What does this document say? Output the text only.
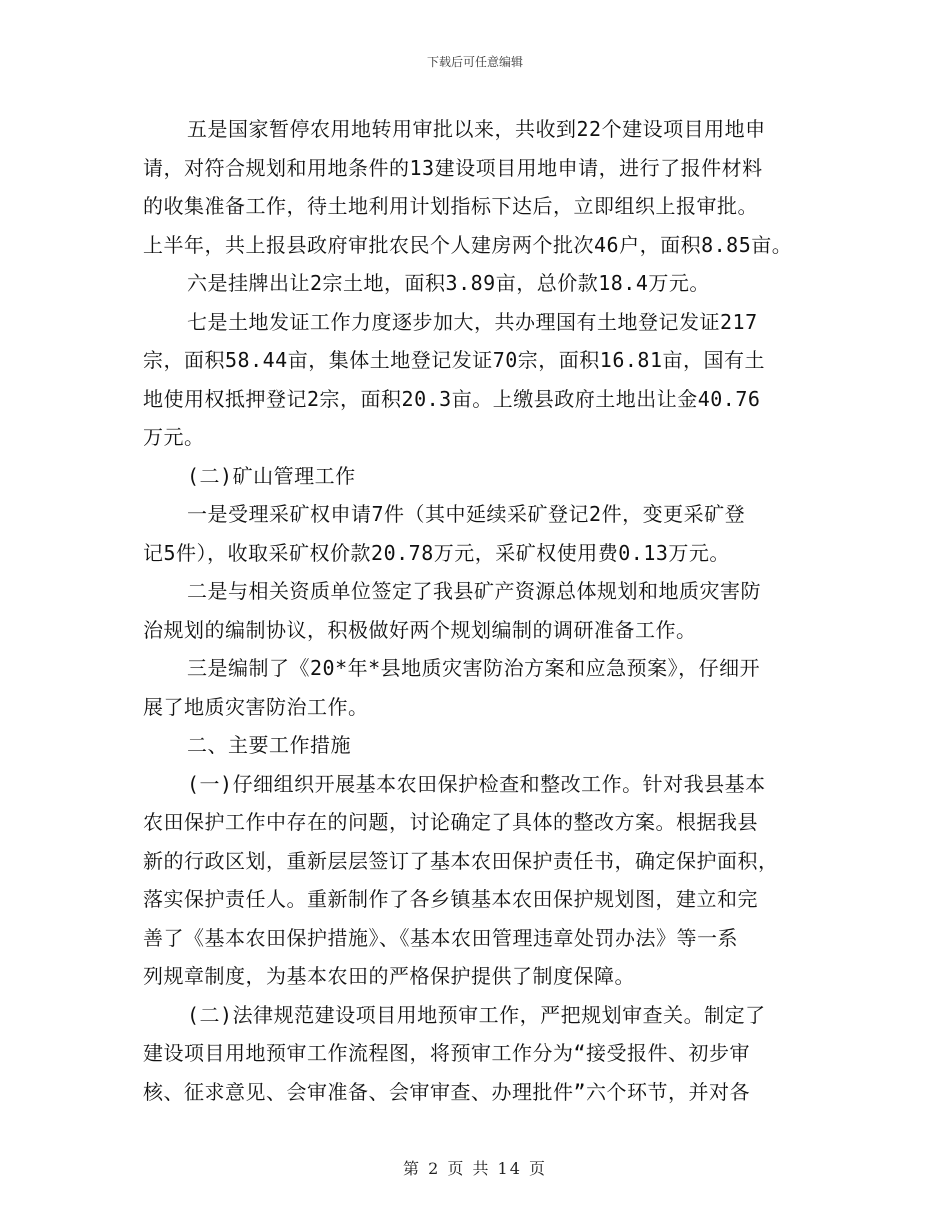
下载后可任意编辑
五是国家暂停农用地转用审批以来，共收到22个建设项目用地申
请，对符合规划和用地条件的13建设项目用地申请，进行了报件材料
的收集准备工作，待土地利用计划指标下达后，立即组织上报审批。
上半年，共上报县政府审批农民个人建房两个批次46户，面积8.85亩。
六是挂牌出让2宗土地，面积3.89亩，总价款18.4万元。
七是土地发证工作力度逐步加大，共办理国有土地登记发证217
宗，面积58.44亩，集体土地登记发证70宗，面积16.81亩，国有土
地使用权抵押登记2宗，面积20.3亩。上缴县政府土地出让金40.76
万元。
(二)矿山管理工作
一是受理采矿权申请7件（其中延续采矿登记2件，变更采矿登
记5件），收取采矿权价款20.78万元，采矿权使用费0.13万元。
二是与相关资质单位签定了我县矿产资源总体规划和地质灾害防
治规划的编制协议，积极做好两个规划编制的调研准备工作。
三是编制了《20*年*县地质灾害防治方案和应急预案》，仔细开
展了地质灾害防治工作。
二、主要工作措施
(一)仔细组织开展基本农田保护检查和整改工作。针对我县基本
农田保护工作中存在的问题，讨论确定了具体的整改方案。根据我县
新的行政区划，重新层层签订了基本农田保护责任书，确定保护面积，
落实保护责任人。重新制作了各乡镇基本农田保护规划图，建立和完
善了《基本农田保护措施》、《基本农田管理违章处罚办法》等一系
列规章制度，为基本农田的严格保护提供了制度保障。
(二)法律规范建设项目用地预审工作，严把规划审查关。制定了
建设项目用地预审工作流程图，将预审工作分为“接受报件、初步审
核、征求意见、会审准备、会审审查、办理批件”六个环节，并对各
第 2 页 共 14 页
